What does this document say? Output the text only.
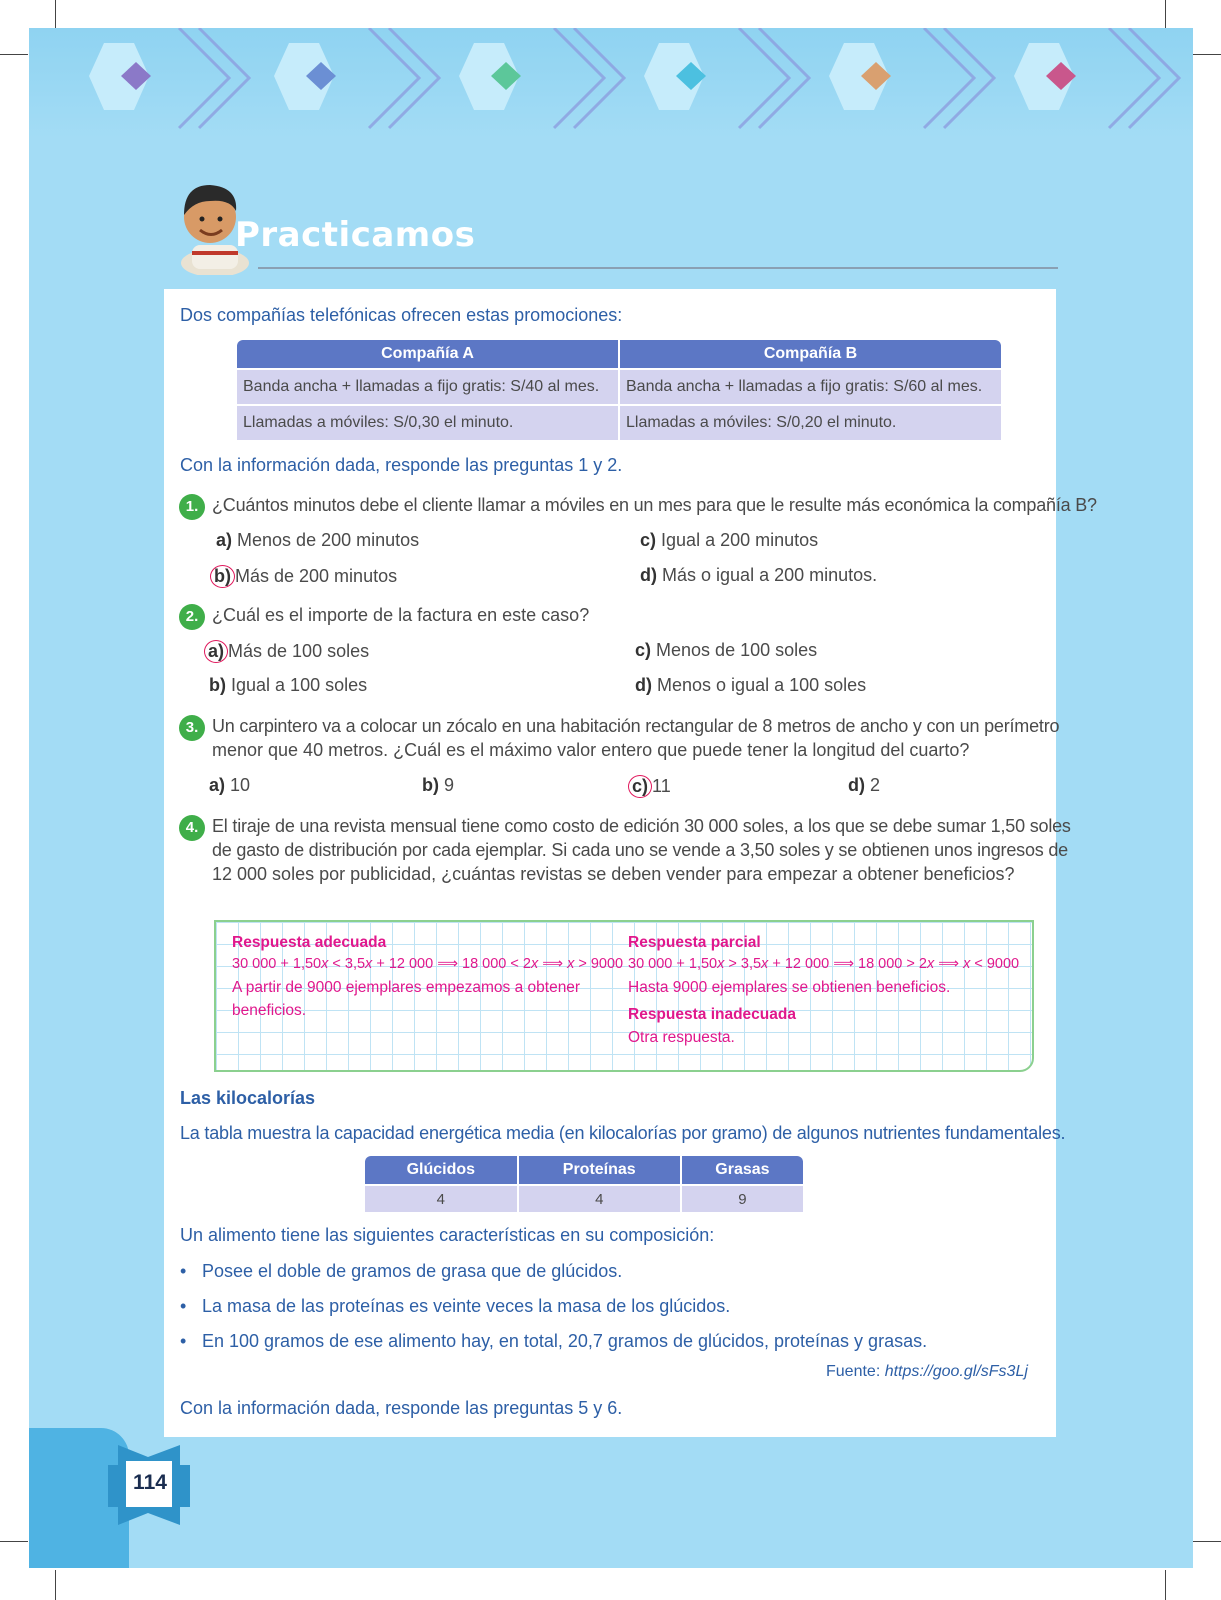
114
Practicamos
Dos compañías telefónicas ofrecen estas promociones:
Compañía A	Compañía B
Banda ancha + llamadas a fijo gratis: S/40 al mes.	Banda ancha + llamadas a fijo gratis: S/60 al mes.
Llamadas a móviles: S/0,30 el minuto.	Llamadas a móviles: S/0,20 el minuto.
Con la información dada, responde las preguntas 1 y 2.
1. ¿Cuántos minutos debe el cliente llamar a móviles en un mes para que le resulte más económica la compañía B?
a) Menos de 200 minutos	c) Igual a 200 minutos
b) Más de 200 minutos	d) Más o igual a 200 minutos.
2. ¿Cuál es el importe de la factura en este caso?
a) Más de 100 soles	c) Menos de 100 soles
b) Igual a 100 soles	d) Menos o igual a 100 soles
3. Un carpintero va a colocar un zócalo en una habitación rectangular de 8 metros de ancho y con un perímetro
menor que 40 metros. ¿Cuál es el máximo valor entero que puede tener la longitud del cuarto?
a) 10	b) 9	c) 11	d) 2
4. El tiraje de una revista mensual tiene como costo de edición 30 000 soles, a los que se debe sumar 1,50 soles
de gasto de distribución por cada ejemplar. Si cada uno se vende a 3,50 soles y se obtienen unos ingresos de
12 000 soles por publicidad, ¿cuántas revistas se deben vender para empezar a obtener beneficios?
Respuesta adecuada
30 000 + 1,50x < 3,5x + 12 000 ⟹ 18 000 < 2x ⟹ x > 9000
A partir de 9000 ejemplares empezamos a obtener
beneficios.
Respuesta parcial
30 000 + 1,50x > 3,5x + 12 000 ⟹ 18 000 > 2x ⟹ x < 9000
Hasta 9000 ejemplares se obtienen beneficios.
Respuesta inadecuada
Otra respuesta.
Las kilocalorías
La tabla muestra la capacidad energética media (en kilocalorías por gramo) de algunos nutrientes fundamentales.
Glúcidos	Proteínas	Grasas
4	4	9
Un alimento tiene las siguientes características en su composición:
• Posee el doble de gramos de grasa que de glúcidos.
• La masa de las proteínas es veinte veces la masa de los glúcidos.
• En 100 gramos de ese alimento hay, en total, 20,7 gramos de glúcidos, proteínas y grasas.
Fuente: https://goo.gl/sFs3Lj
Con la información dada, responde las preguntas 5 y 6.
